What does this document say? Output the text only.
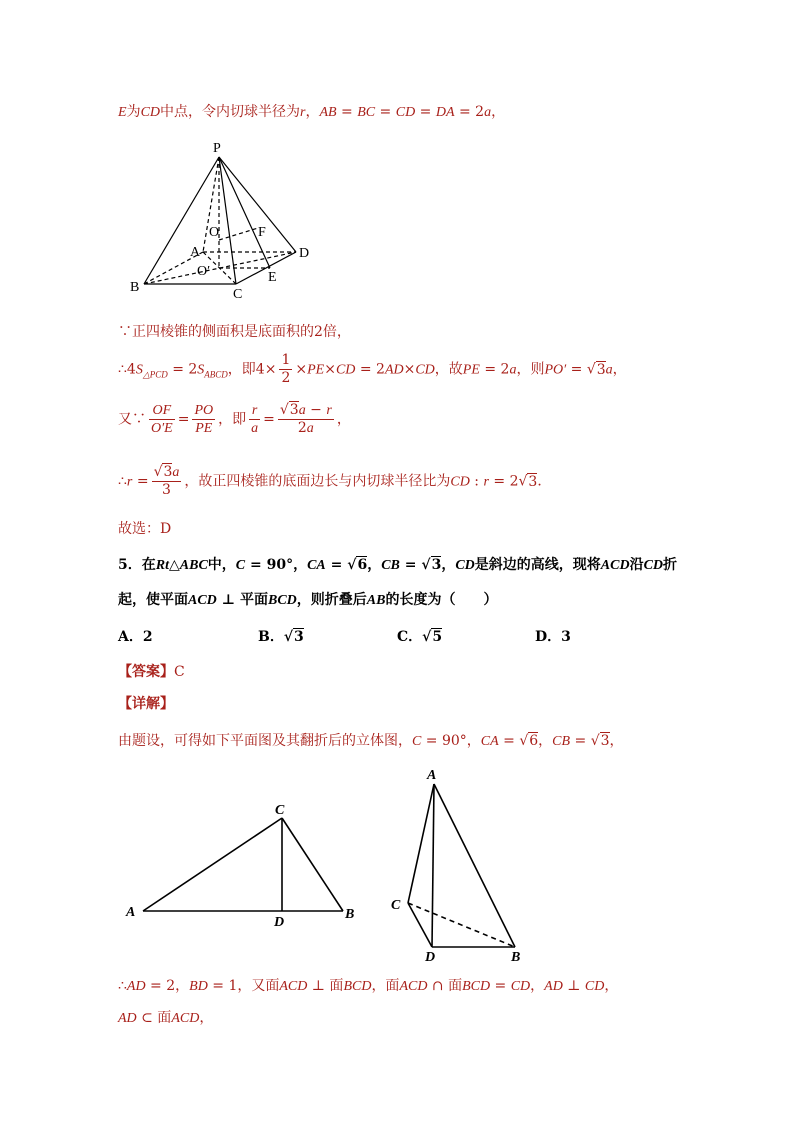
E为CD中点，令内切球半径为r，AB = BC = CD = DA = 2a，
P
O	F
A	D
O′	E
B	C
∵正四棱锥的侧面积是底面积的2倍，
$\therefore 4S_{\triangle PCD} = 2S_{ABCD}$，即$4\times \frac{1}{2} \times PE\times CD = 2AD\times CD$，故PE = 2a，则PO′ = √3a，
又∵ $\frac{OF}{O'E} = \frac{PO}{PE}$ ，即 $\frac{r}{a} = \frac{√3a - r}{2a}$ ，
∴r = $\frac{√3a}{3}$ ，故正四棱锥的底面边长与内切球半径比为CD : r = 2√3．
故选：D
5．在Rt△ABC中，C = 90°，CA = √6，CB = √3，CD是斜边的高线，现将ACD沿CD折
起，使平面ACD ⊥ 平面BCD，则折叠后AB的长度为（　　）
A．2	B．√3	C．√5	D．3
【答案】C
【详解】
由题设，可得如下平面图及其翻折后的立体图，C = 90°，CA = √6，CB = √3，
C
A
D
B
A
C
D	B
∴AD = 2，BD = 1，又面ACD ⊥ 面BCD，面ACD ∩ 面BCD = CD，AD ⊥ CD，
AD ⊂ 面ACD，
